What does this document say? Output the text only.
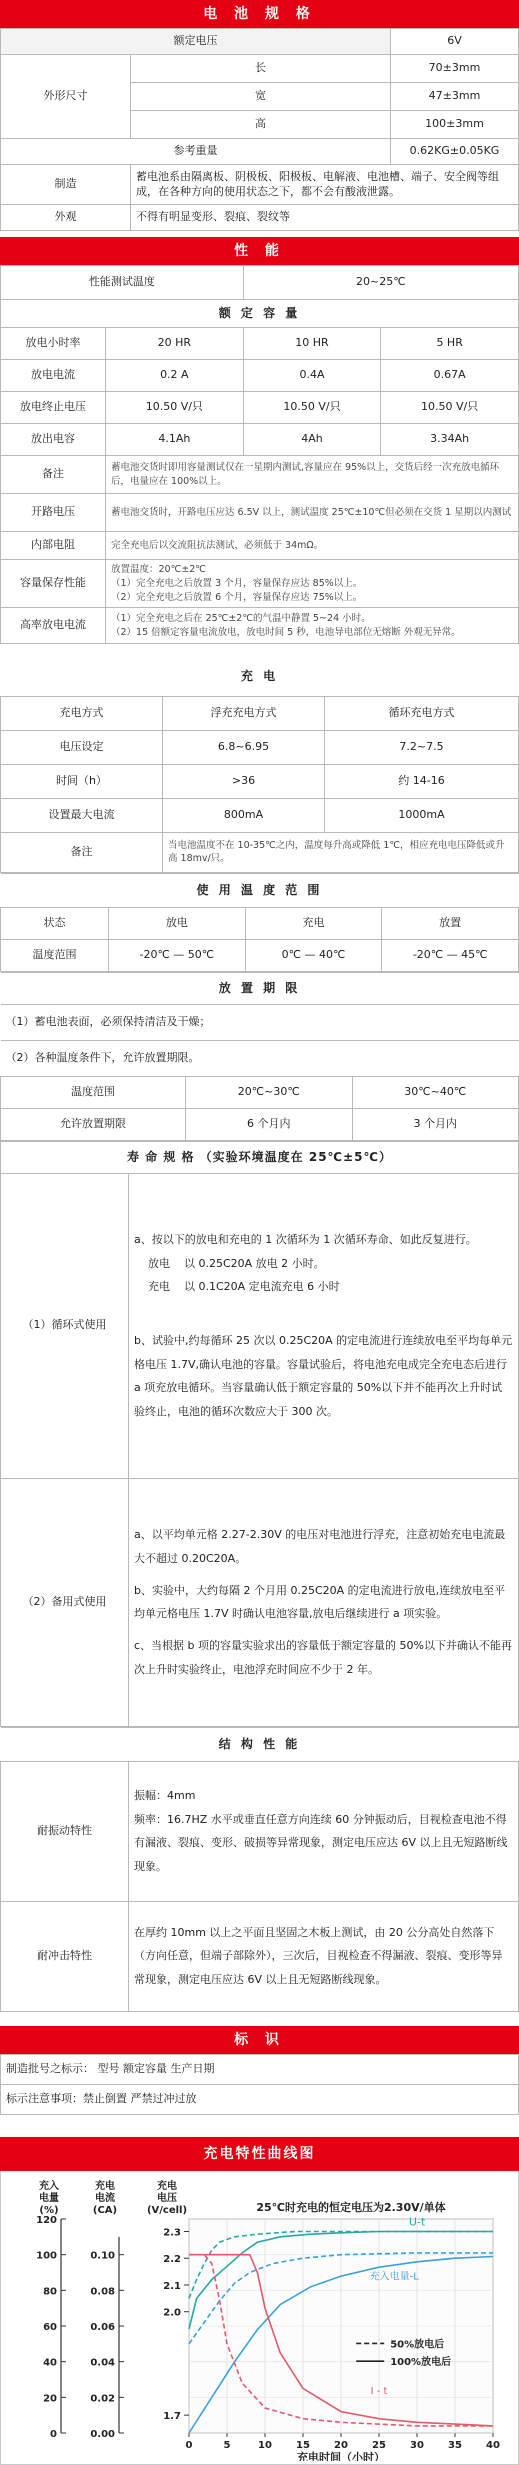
电 池 规 格
额定电压		6V
外形尺寸	长	70±3mm
	宽	47±3mm
	高	100±3mm
参考重量		0.62KG±0.05KG
制造	蓄电池系由隔离板、阴极板、阳极板、电解液、电池槽、端子、安全阀等组成，在各种方向的使用状态之下，都不会有酸液泄露。	
外观	不得有明显变形、裂痕、裂纹等	
性 能
性能测试温度		20~25℃	
额 定 容 量			
放电小时率	20 HR	10 HR	5 HR
放电电流	0.2 A	0.4A	0.67A
放电终止电压	10.50 V/只	10.50 V/只	10.50 V/只
放出电容	4.1Ah	4Ah	3.34Ah
备注	蓄电池交货时即用容量测试仅在一星期内测试,容量应在 95%以上，交货后经一次充放电循环后，电量应在 100%以上。		
开路电压	蓄电池交货时，开路电压应达 6.5V 以上，测试温度 25℃±10℃但必须在交货 1 星期以内测试		
内部电阻	完全充电后以交流阻抗法测试，必须低于 34mΩ。		
容量保存性能	放置温度：20℃±2℃
（1）完全充电之后放置 3 个月，容量保存应达 85%以上。
（2）完全充电之后放置 6 个月，容量保存应达 75%以上。		

高率放电电流	（1）完全充电之后在 25℃±2℃的气温中静置 5~24 小时。
（2）15 倍额定容量电流放电，放电时间 5 秒，电池导电部位无熔断 外观无异常。		
充 电		
充电方式	浮充充电方式	循环充电方式
电压设定	6.8~6.95	7.2~7.5
时间（h）	>36	约 14-16
设置最大电流	800mA	1000mA
备注	当电池温度不在 10-35℃之内，温度每升高或降低 1℃，相应充电电压降低或升高 18mv/只。	
使 用 温 度 范 围			
状态	放电	充电	放置
温度范围	-20℃ — 50℃	0℃ — 40℃	-20℃ — 45℃
放 置 期 限		
（1）蓄电池表面，必须保持清洁及干燥；		
（2）各种温度条件下，允许放置期限。		
温度范围	20℃~30℃	30℃~40℃
允许放置期限	6 个月内	3 个月内
寿 命 规 格 （实验环境温度在 25℃±5℃）	
（1）循环式使用	a、按以下的放电和充电的 1 次循环为 1 次循环寿命、如此反复进行。
放电    以 0.25C20A 放电 2 小时。
充电    以 0.1C20A 定电流充电 6 小时
b、试验中,约每循环 25 次以 0.25C20A 的定电流进行连续放电至平均每单元格电压 1.7V,确认电池的容量。容量试验后，将电池充电成完全充电态后进行 a 项充放电循环。当容量确认低于额定容量的 50%以下并不能再次上升时试验终止，电池的循环次数应大于 300 次。

（2）备用式使用	a、以平均单元格 2.27-2.30V 的电压对电池进行浮充，注意初始充电电流最大不超过 0.20C20A。
b、实验中，大约每隔 2 个月用 0.25C20A 的定电流进行放电,连续放电至平均单元格电压 1.7V 时确认电池容量,放电后继续进行 a 项实验。
c、当根据 b 项的容量实验求出的容量低于额定容量的 50%以下并确认不能再次上升时实验终止，电池浮充时间应不少于 2 年。
结 构 性 能	
耐振动特性	振幅：4mm
频率：16.7HZ 水平或垂直任意方向连续 60 分钟振动后，目视检查电池不得有漏液、裂痕、变形、破损等异常现象，测定电压应达 6V 以上且无短路断线现象。

耐冲击特性	在厚约 10mm 以上之平面且坚固之木板上测试，由 20 公分高处自然落下（方向任意，但端子部除外），三次后，目视检查不得漏液、裂痕、变形等异常现象，测定电压应达 6V 以上且无短路断线现象。
标 识
制造批号之标示： 型号 额定容量 生产日期
标示注意事项：禁止倒置 严禁过冲过放
充电特性曲线图
0	5	10 15 20 25 30 35 40
0
20
40
60
80
100
120
0.00
0.02
0.04
0.06
0.08
0.10
1.7
2.0
2.1
2.2
2.3
充入
电量
(%)
充电
电流
(CA)
充电
电压
(V/cell)	25℃时充电的恒定电压为2.30V/单体
U-t
充入电量-L
I - t
50%放电后
100%放电后
充电时间（小时）
